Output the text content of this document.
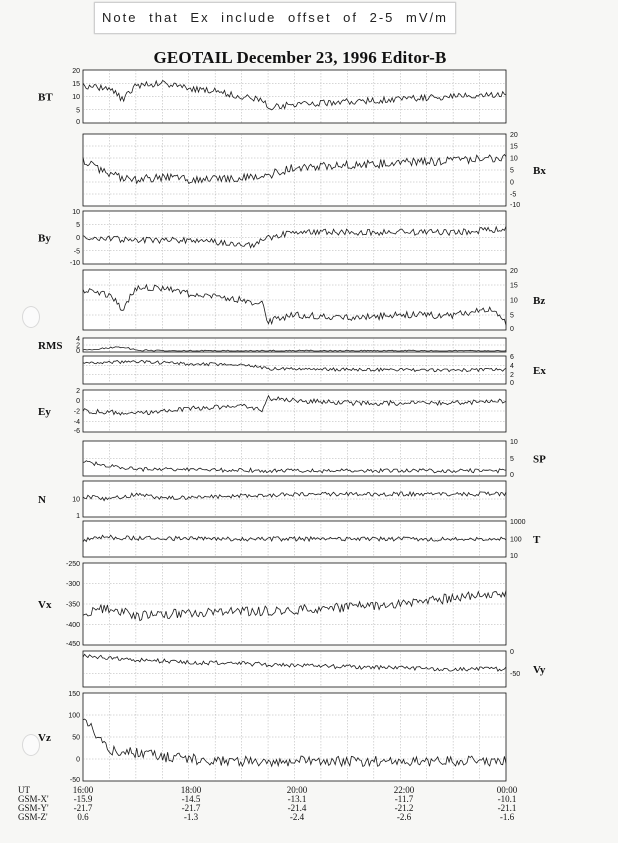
Note that Ex include offset of 2-5 mV/m
GEOTAIL December 23, 1996 Editor-B
0
5
10
15
20
BT
-10
-5
0
5
10
15
20
Bx
-10
-5
0
5
10
By
0
5
10
15
20
Bz
0
2
4
RMS
0
2
4
6
Ex
-6
-4
-2
0
2
Ey
0
5
10
SP
1
10
N
10
100
1000
T
-450
-400
-350
-300
-250
Vx
-50
0
Vy
-50
0
50
100
150
Vz
UT
GSM-X'
GSM-Y'
GSM-Z'
16:00
-15.9
-21.7
0.6
18:00
-14.5
-21.7
-1.3
20:00
-13.1
-21.4
-2.4
22:00
-11.7
-21.2
-2.6
00:00
-10.1
-21.1
-1.6
